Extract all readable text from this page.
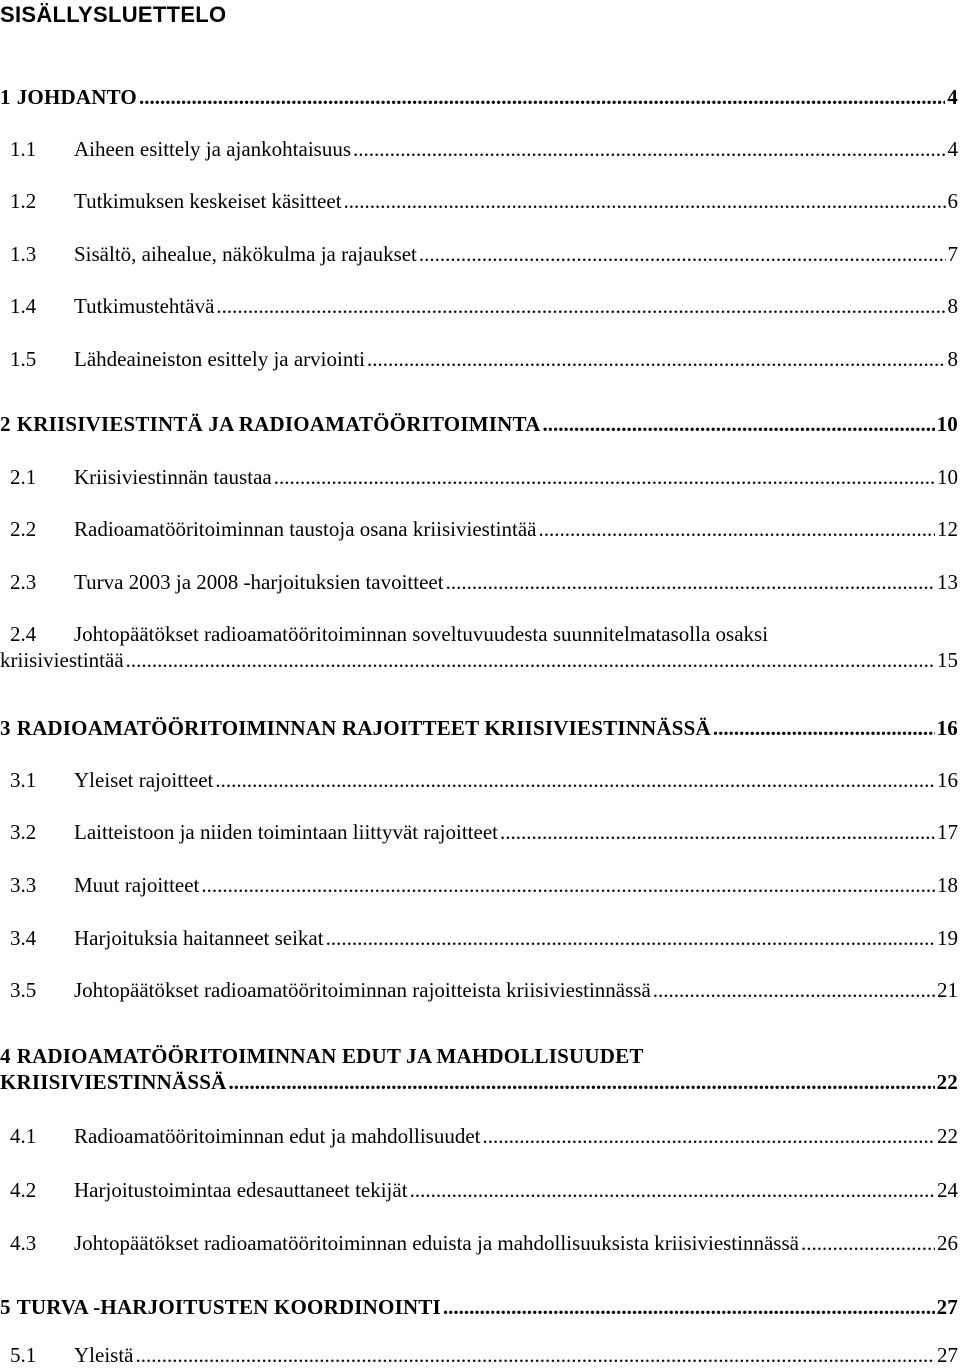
SISÄLLYSLUETTELO
1 JOHDANTO .....	4
1.1	Aiheen esittely ja ajankohtaisuus .....	4
1.2	Tutkimuksen keskeiset käsitteet .....	6
1.3	Sisältö, aihealue, näkökulma ja rajaukset .....	7
1.4	Tutkimustehtävä .....	8
1.5	Lähdeaineiston esittely ja arviointi .....	8
2 KRIISIVIESTINTÄ JA RADIOAMATÖÖRITOIMINTA .....	10
2.1	Kriisiviestinnän taustaa .....	10
2.2	Radioamatööritoiminnan taustoja osana kriisiviestintää .....	12
2.3	Turva 2003 ja 2008 -harjoituksien tavoitteet .....	13
2.4	Johtopäätökset radioamatööritoiminnan soveltuvuudesta suunnitelmatasolla osaksi
kriisiviestintää .....	15
3 RADIOAMATÖÖRITOIMINNAN RAJOITTEET KRIISIVIESTINNÄSSÄ .....	16
3.1	Yleiset rajoitteet .....	16
3.2	Laitteistoon ja niiden toimintaan liittyvät rajoitteet .....	17
3.3	Muut rajoitteet .....	18
3.4	Harjoituksia haitanneet seikat .....	19
3.5	Johtopäätökset radioamatööritoiminnan rajoitteista kriisiviestinnässä .....	21
4 RADIOAMATÖÖRITOIMINNAN EDUT JA MAHDOLLISUUDET
KRIISIVIESTINNÄSSÄ .....	22
4.1	Radioamatööritoiminnan edut ja mahdollisuudet .....	22
4.2	Harjoitustoimintaa edesauttaneet tekijät .....	24
4.3	Johtopäätökset radioamatööritoiminnan eduista ja mahdollisuuksista kriisiviestinnässä .....	26
5 TURVA -HARJOITUSTEN KOORDINOINTI .....	27
5.1	Yleistä .....	27
